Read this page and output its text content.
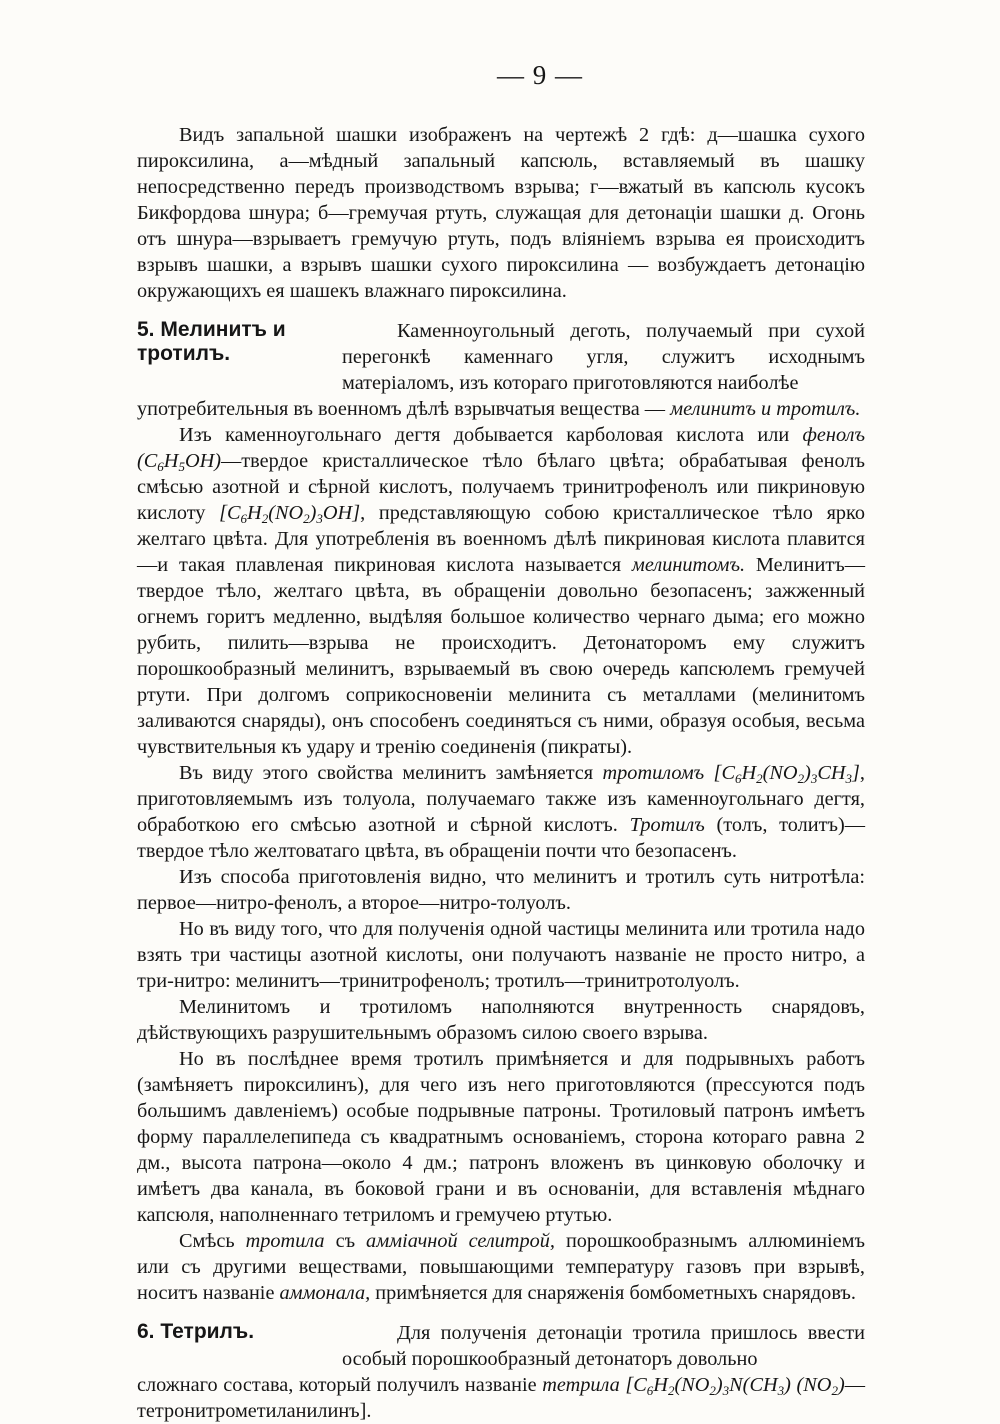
— 9 —

Видъ запальной шашки изображенъ на чертежѣ 2 гдѣ: д—шашка сухого пироксилина, а—мѣдный запальный капсюль, вставляемый въ шашку непосредственно передъ производствомъ взрыва; г—вжатый въ капсюль кусокъ Бикфордова шнура; б—гремучая ртуть, служащая для детонаціи шашки д. Огонь отъ шнура—взрываетъ гремучую ртуть, подъ вліяніемъ взрыва ея происходитъ взрывъ шашки, а взрывъ шашки сухого пироксилина — возбуждаетъ детонацію окружающихъ ея шашекъ влажнаго пироксилина.

5. Мелинитъ и тротилъ.
Каменноугольный деготь, получаемый при сухой перегонкѣ каменнаго угля, служитъ исходнымъ матеріаломъ, изъ котораго приготовляются наиболѣе

употребительныя въ военномъ дѣлѣ взрывчатыя вещества — мелинитъ и тротилъ.

Изъ каменноугольнаго дегтя добывается карболовая кислота или фенолъ $(C_6H_5OH)—твердое$ кристаллическое тѣло бѣлаго цвѣта; обрабатывая фенолъ смѣсью азотной и сѣрной кислотъ, получаемъ тринитрофенолъ или пикриновую кислоту $[C_6H_2(NO_2)_3OH]$, представляющую собою кристаллическое тѣло ярко желтаго цвѣта. Для употребленія въ военномъ дѣлѣ пикриновая кислота плавится—и такая плавленая пикриновая кислота называется мелинитомъ. Мелинитъ—твердое тѣло, желтаго цвѣта, въ обращеніи довольно безопасенъ; зажженный огнемъ горитъ медленно, выдѣляя большое количество чернаго дыма; его можно рубить, пилить—взрыва не происходитъ. Детонаторомъ ему служитъ порошкообразный мелинитъ, взрываемый въ свою очередь капсюлемъ гремучей ртути. При долгомъ соприкосновеніи мелинита съ металлами (мелинитомъ заливаются снаряды), онъ способенъ соединяться съ ними, образуя особыя, весьма чувствительныя къ удару и тренію соединенія (пикраты).

Въ виду этого свойства мелинитъ замѣняется тротиломъ $[C_6H_2(NO_2)_3CH_3]$, приготовляемымъ изъ толуола, получаемаго также изъ каменноугольнаго дегтя, обработкою его смѣсью азотной и сѣрной кислотъ. Тротилъ (толъ, толитъ)—твердое тѣло желтоватаго цвѣта, въ обращеніи почти что безопасенъ.

Изъ способа приготовленія видно, что мелинитъ и тротилъ суть нитротѣла: первое—нитро-фенолъ, а второе—нитро-толуолъ.

Но въ виду того, что для полученія одной частицы мелинита или тротила надо взять три частицы азотной кислоты, они получаютъ названіе не просто нитро, а три-нитро: мелинитъ—тринитрофенолъ; тротилъ—тринитротолуолъ.

Мелинитомъ и тротиломъ наполняются внутренность снарядовъ, дѣйствующихъ разрушительнымъ образомъ силою своего взрыва.

Но въ послѣднее время тротилъ примѣняется и для подрывныхъ работъ (замѣняетъ пироксилинъ), для чего изъ него приготовляются (прессуются подъ большимъ давленіемъ) особые подрывные патроны. Тротиловый патронъ имѣетъ форму параллелепипеда съ квадратнымъ основаніемъ, сторона котораго равна 2 дм., высота патрона—около 4 дм.; патронъ вложенъ въ цинковую оболочку и имѣетъ два канала, въ боковой грани и въ основаніи, для вставленія мѣднаго капсюля, наполненнаго тетриломъ и гремучею ртутью.

Смѣсь тротила съ аммiачной селитрой, порошкообразнымъ аллюминіемъ или съ другими веществами, повышающими температуру газовъ при взрывѣ, носитъ названіе аммонала, примѣняется для снаряженія бомбометныхъ снарядовъ.

6. Тетрилъ.	Для полученія детонаціи тротила пришлось ввести особый порошкообразный детонаторъ довольно

сложнаго состава, который получилъ названіе тетрила [$C_6H_2(NO_2)_3N(CH_3)$ $(NO_2)—тетронитрометиланилинъ$].
